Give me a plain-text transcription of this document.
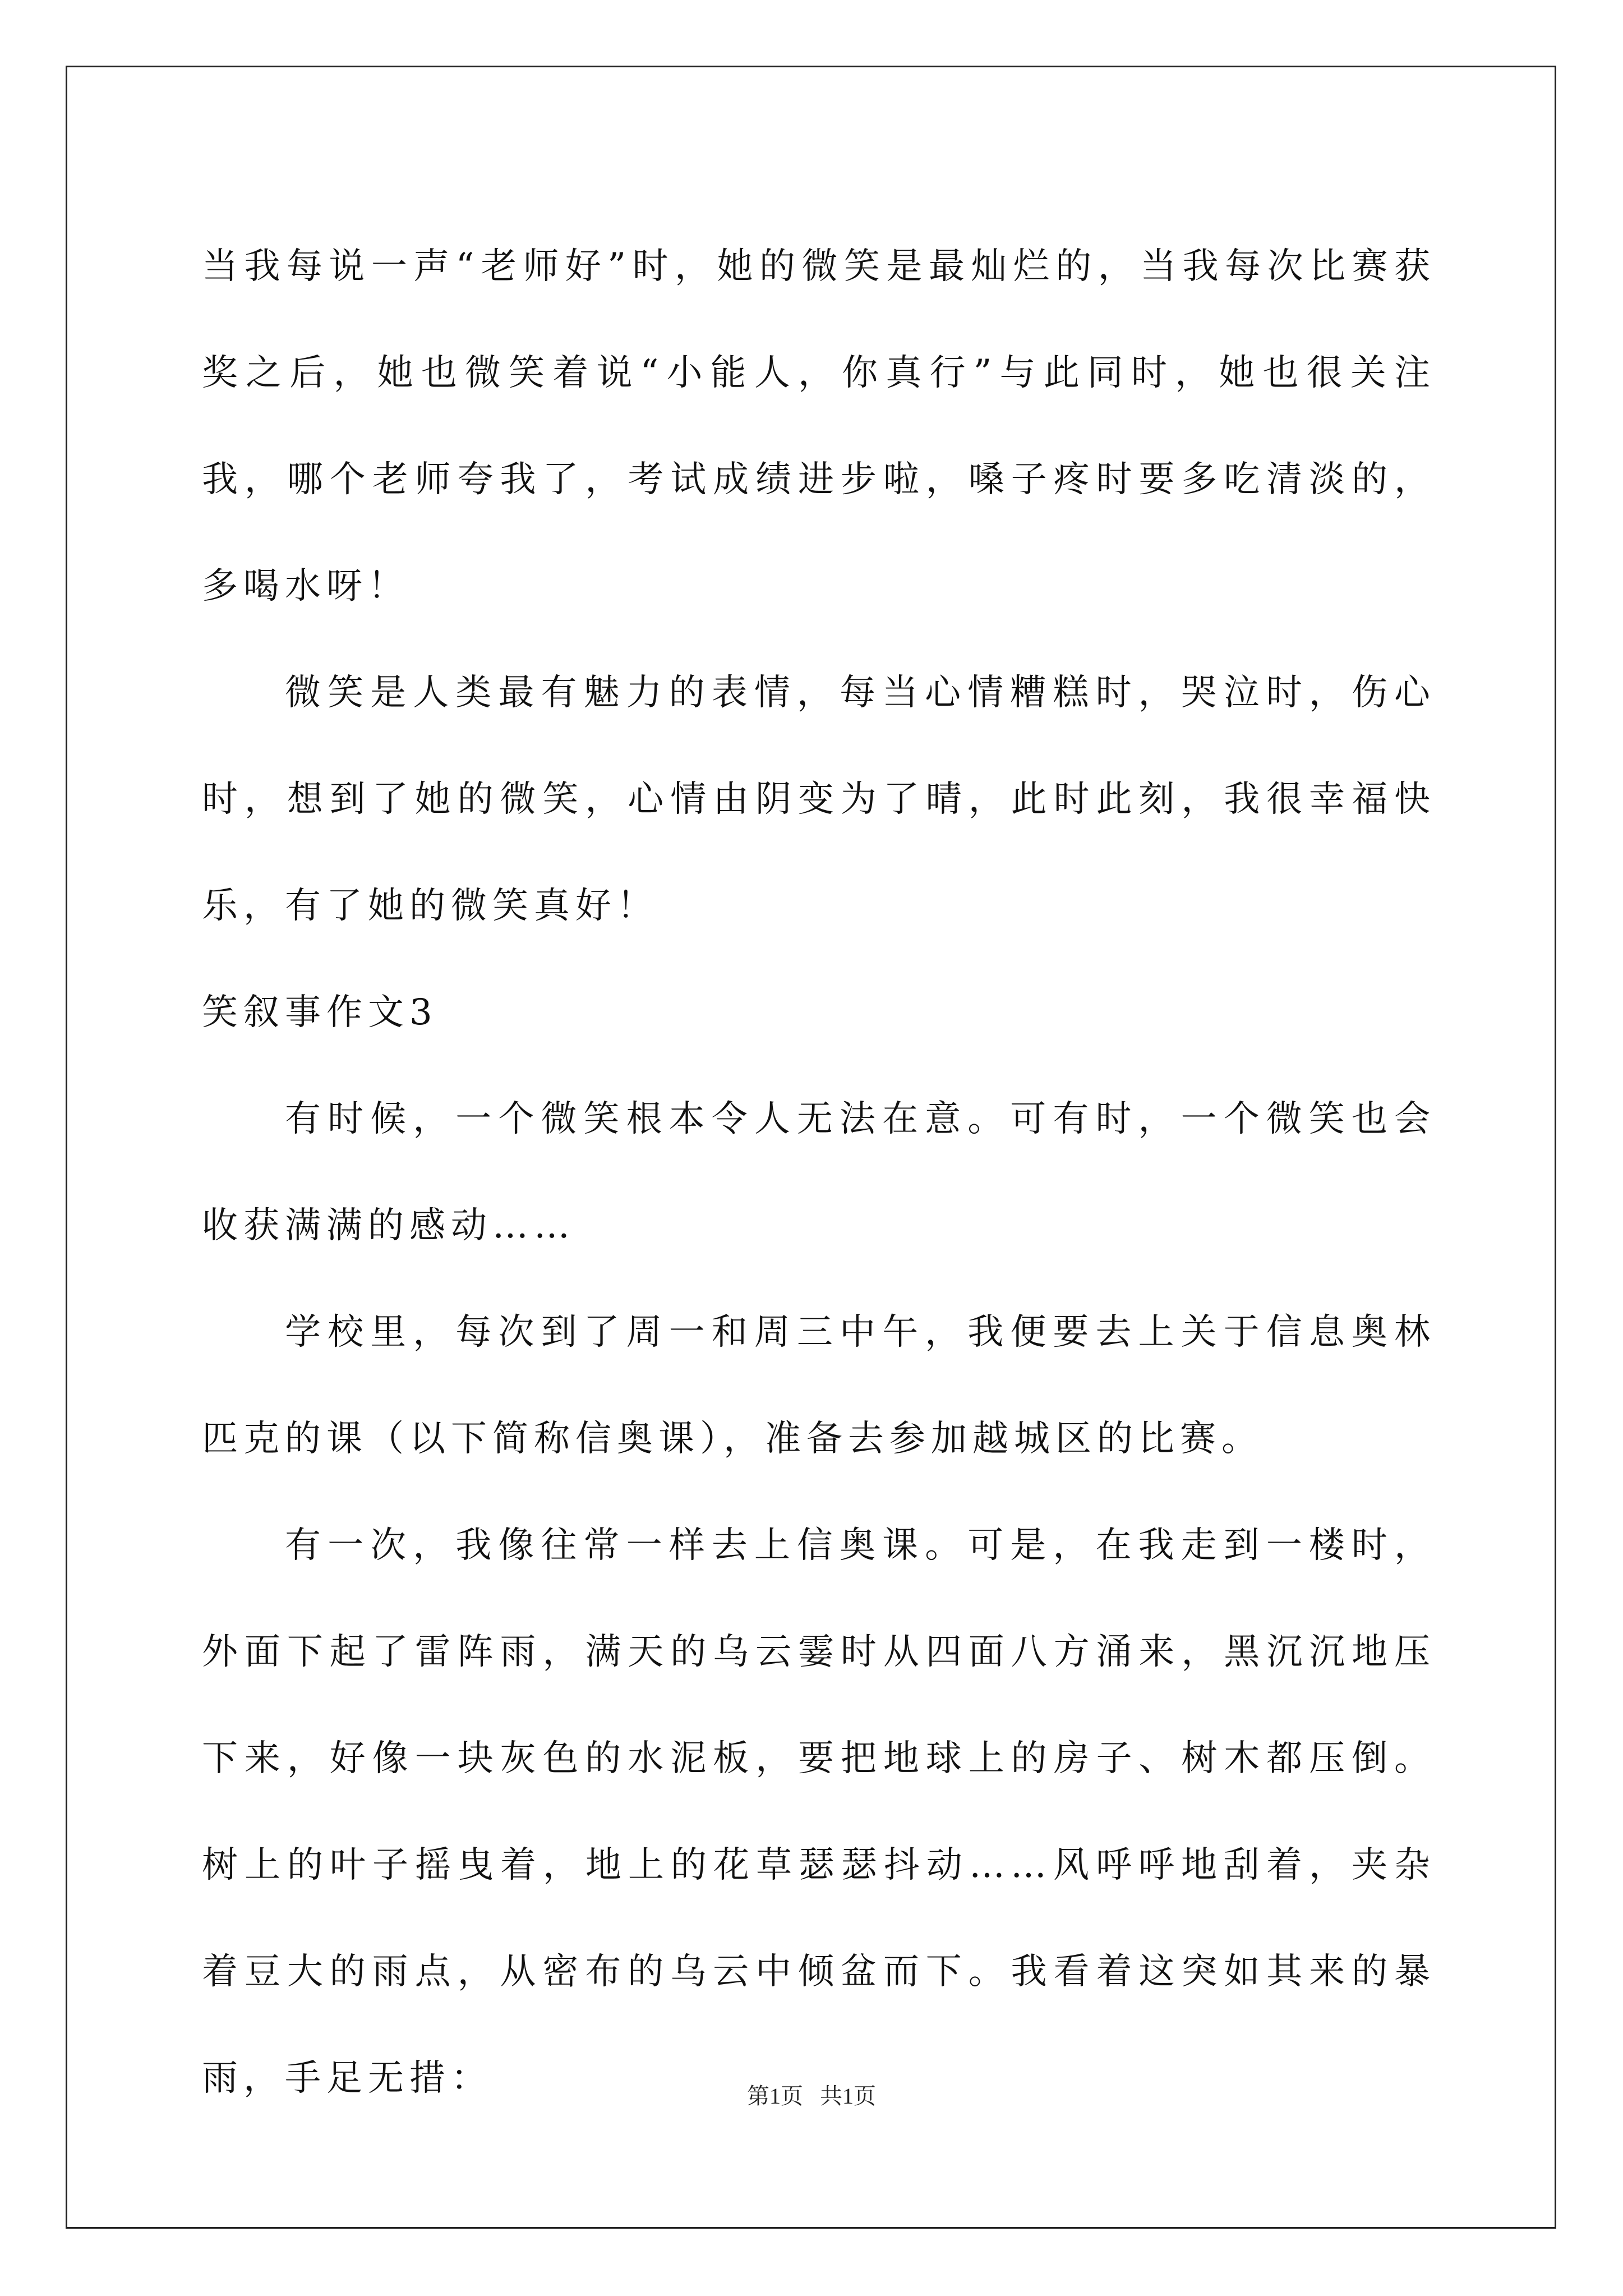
当我每说一声“老师好”时，她的微笑是最灿烂的，当我每次比赛获奖之后，她也微笑着说“小能人，你真行”与此同时，她也很关注我，哪个老师夸我了，考试成绩进步啦，嗓子疼时要多吃清淡的，多喝水呀！

微笑是人类最有魅力的表情，每当心情糟糕时，哭泣时，伤心时，想到了她的微笑，心情由阴变为了晴，此时此刻，我很幸福快乐，有了她的微笑真好！

笑叙事作文3

有时候，一个微笑根本令人无法在意。可有时，一个微笑也会收获满满的感动……

学校里，每次到了周一和周三中午，我便要去上关于信息奥林匹克的课（以下简称信奥课），准备去参加越城区的比赛。

有一次，我像往常一样去上信奥课。可是，在我走到一楼时，外面下起了雷阵雨，满天的乌云霎时从四面八方涌来，黑沉沉地压下来，好像一块灰色的水泥板，要把地球上的房子、树木都压倒。树上的叶子摇曳着，地上的花草瑟瑟抖动……风呼呼地刮着，夹杂着豆大的雨点，从密布的乌云中倾盆而下。我看着这突如其来的暴雨，手足无措：	第1页   共1页
